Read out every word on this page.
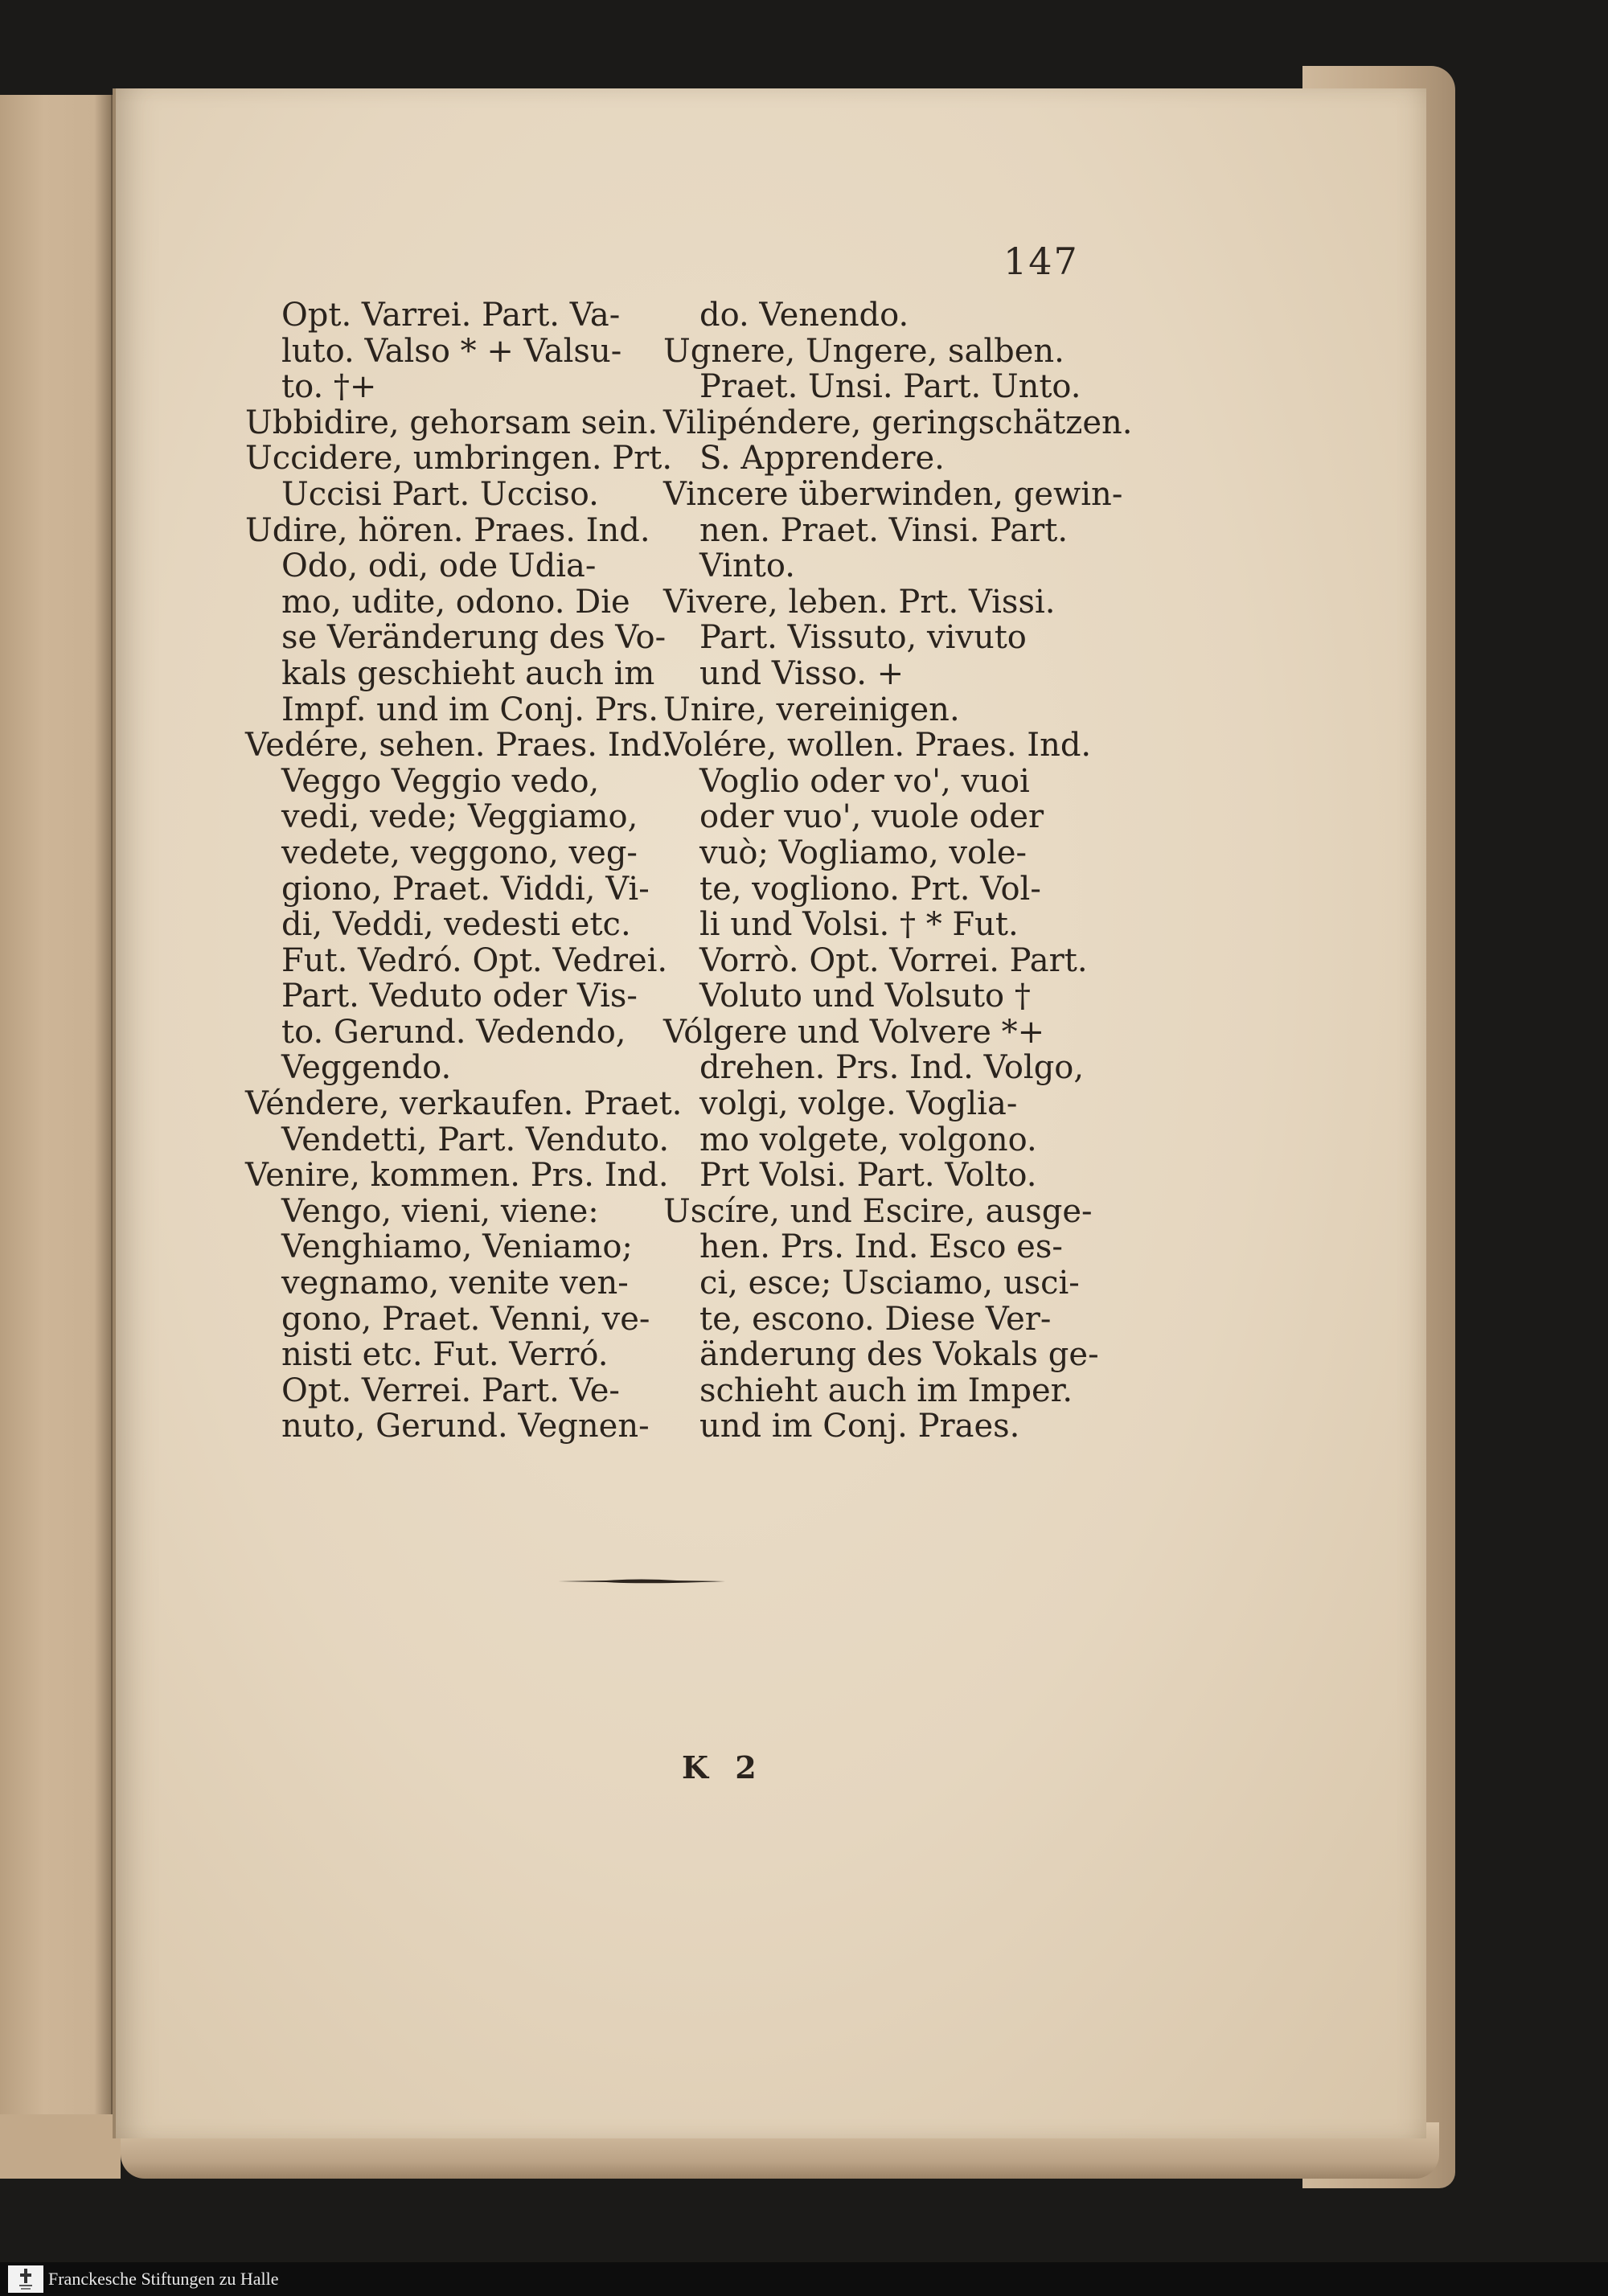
147
Opt. Varrei. Part. Va-
luto. Valso * + Valsu-
to. †+
Ubbidire, gehorsam sein.
Uccidere, umbringen. Prt.
Uccisi Part. Ucciso.
Udire, hören. Praes. Ind.
Odo, odi, ode Udia-
mo, udite, odono. Die
se Veränderung des Vo-
kals geschieht auch im
Impf. und im Conj. Prs.
Vedére, sehen. Praes. Ind.
Veggo Veggio vedo,
vedi, vede; Veggiamo,
vedete, veggono, veg-
giono, Praet. Viddi, Vi-
di, Veddi, vedesti etc.
Fut. Vedró. Opt. Vedrei.
Part. Veduto oder Vis-
to. Gerund. Vedendo,
Veggendo.
Véndere, verkaufen. Praet.
Vendetti, Part. Venduto.
Venire, kommen. Prs. Ind.
Vengo, vieni, viene:
Venghiamo, Veniamo;
vegnamo, venite ven-
gono, Praet. Venni, ve-
nisti etc. Fut. Verró.
Opt. Verrei. Part. Ve-
nuto, Gerund. Vegnen-
do. Venendo.
Ugnere, Ungere, salben.
Praet. Unsi. Part. Unto.
Vilipéndere, geringschätzen.
S. Apprendere.
Vincere überwinden, gewin-
nen. Praet. Vinsi. Part.
Vinto.
Vivere, leben. Prt. Vissi.
Part. Vissuto, vivuto
und Visso. +
Unire, vereinigen.
Volére, wollen. Praes. Ind.
Voglio oder vo', vuoi
oder vuo', vuole oder
vuò; Vogliamo, vole-
te, vogliono. Prt. Vol-
li und Volsi. † * Fut.
Vorrò. Opt. Vorrei. Part.
Voluto und Volsuto †
Vólgere und Volvere *+
drehen. Prs. Ind. Volgo,
volgi, volge. Voglia-
mo volgete, volgono.
Prt Volsi. Part. Volto.
Uscíre, und Escire, ausge-
hen. Prs. Ind. Esco es-
ci, esce; Usciamo, usci-
te, escono. Diese Ver-
änderung des Vokals ge-
schieht auch im Imper.
und im Conj. Praes.
K 2
Franckesche Stiftungen zu Halle
